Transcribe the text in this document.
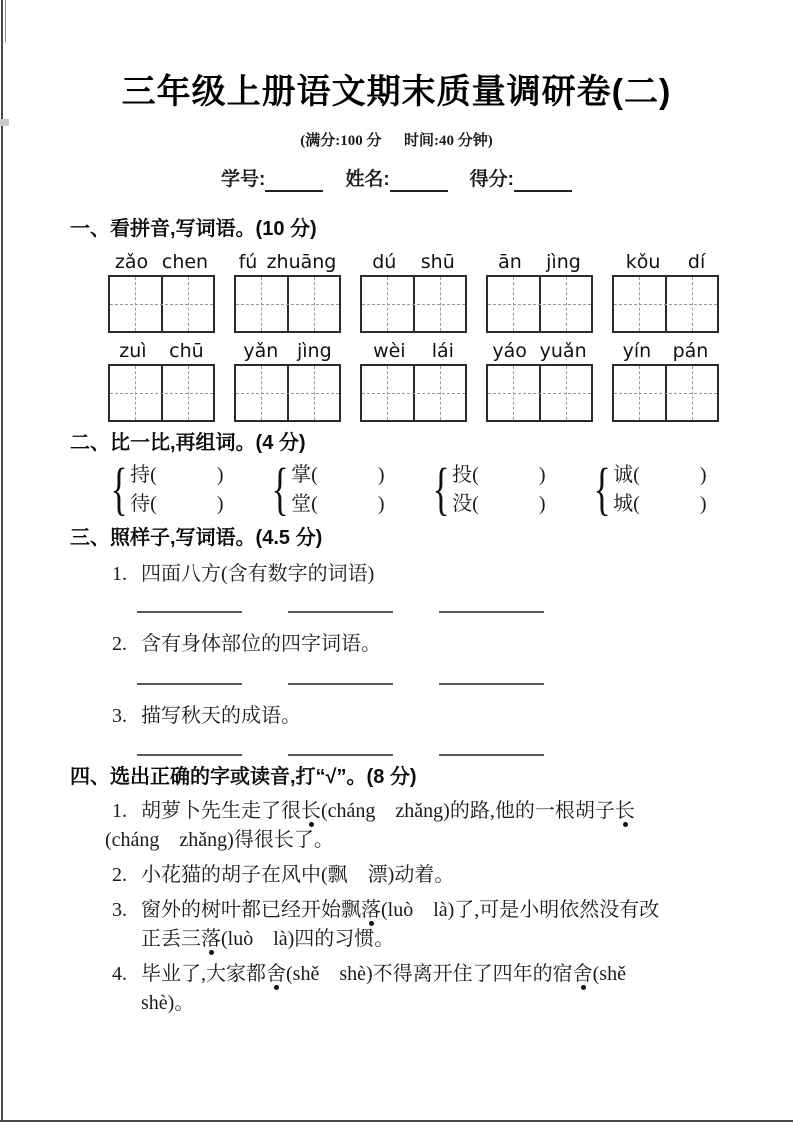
三年级上册语文期末质量调研卷(二)
(满分:100 分      时间:40 分钟)
学号:	姓名:	得分:
一、看拼音,写词语。(10 分)
zǎo chen fú zhuāng dú shū ān jìng kǒu dí
zuì chū yǎn jìng wèi lái yáo yuǎn yín pán
二、比一比,再组词。(4 分)
{ 持(            )
待(            ) { 掌(            )
堂(            ) { 投(            )
没(            ) { 诚(            )
城(            )
三、照样子,写词语。(4.5 分)
1. 四面八方(含有数字的词语)
2. 含有身体部位的四字词语。
3. 描写秋天的成语。
四、选出正确的字或读音,打“√”。(8 分)
1. 胡萝卜先生走了很长(cháng    zhǎng)的路,他的一根胡子长
(cháng    zhǎng)得很长了。
2. 小花猫的胡子在风中(飘    漂)动着。
3. 窗外的树叶都已经开始飘落(luò    là)了,可是小明依然没有改
正丢三落(luò    là)四的习惯。
4. 毕业了,大家都舍(shě    shè)不得离开住了四年的宿舍(shě
shè)。
